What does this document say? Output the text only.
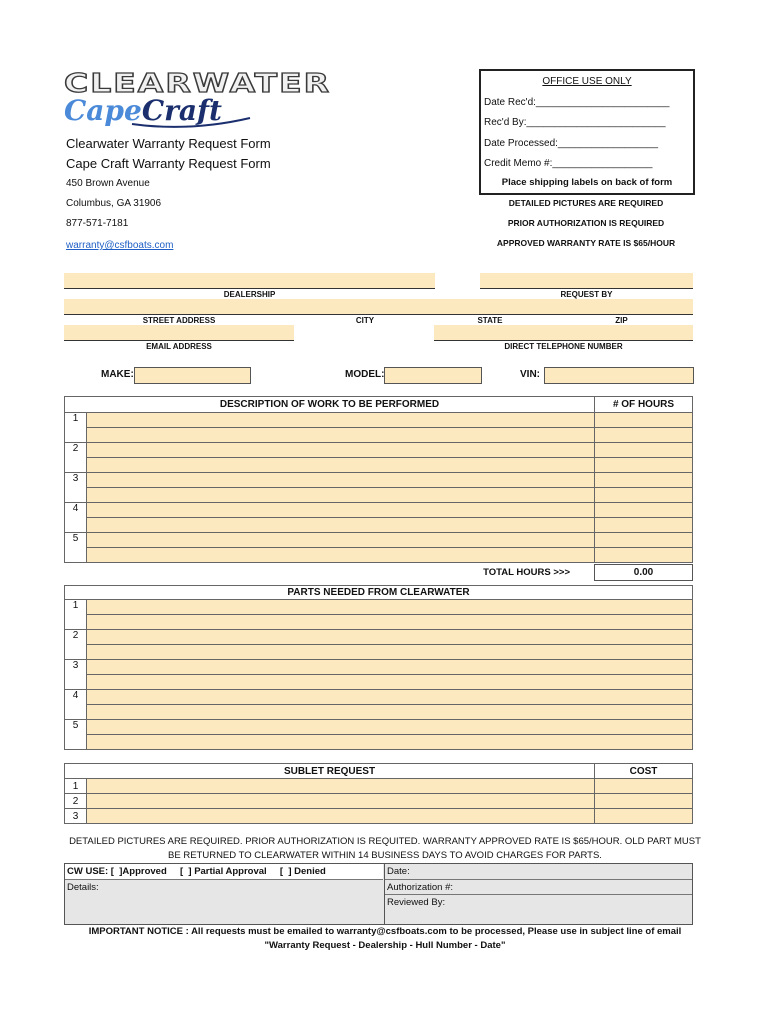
CLEARWATER
CapeCraft
Clearwater Warranty Request Form
Cape Craft Warranty Request Form
450 Brown Avenue
Columbus, GA 31906
877-571-7181
warranty@csfboats.com
OFFICE USE ONLY
Date Rec'd:________________________
Rec'd By:_________________________
Date Processed:__________________
Credit Memo #:__________________
Place shipping labels on back of form
DETAILED PICTURES ARE REQUIRED
PRIOR AUTHORIZATION IS REQUIRED
APPROVED WARRANTY RATE IS $65/HOUR
DEALERSHIP	REQUEST BY
STREET ADDRESS	CITY	STATE	ZIP
EMAIL ADDRESS	DIRECT TELEPHONE NUMBER
MAKE:	MODEL:	VIN:
DESCRIPTION OF WORK TO BE PERFORMED		# OF HOURS
1		

2		

3		

4		

5		

TOTAL HOURS >>>	0.00
PARTS NEEDED FROM CLEARWATER	
1	

2	

3	

4	

5	

SUBLET REQUEST		COST
1		
2		
3		
DETAILED PICTURES ARE REQUIRED. PRIOR AUTHORIZATION IS REQUITED. WARRANTY APPROVED RATE IS $65/HOUR. OLD PART MUST
BE RETURNED TO CLEARWATER WITHIN 14 BUSINESS DAYS TO AVOID CHARGES FOR PARTS.
CW USE: [  ]Approved     [  ] Partial Approval     [  ] Denied
Details:
Date:
Authorization #:
Reviewed By:
IMPORTANT NOTICE : All requests must be emailed to warranty@csfboats.com to be processed, Please use in subject line of email
"Warranty Request - Dealership - Hull Number - Date"
